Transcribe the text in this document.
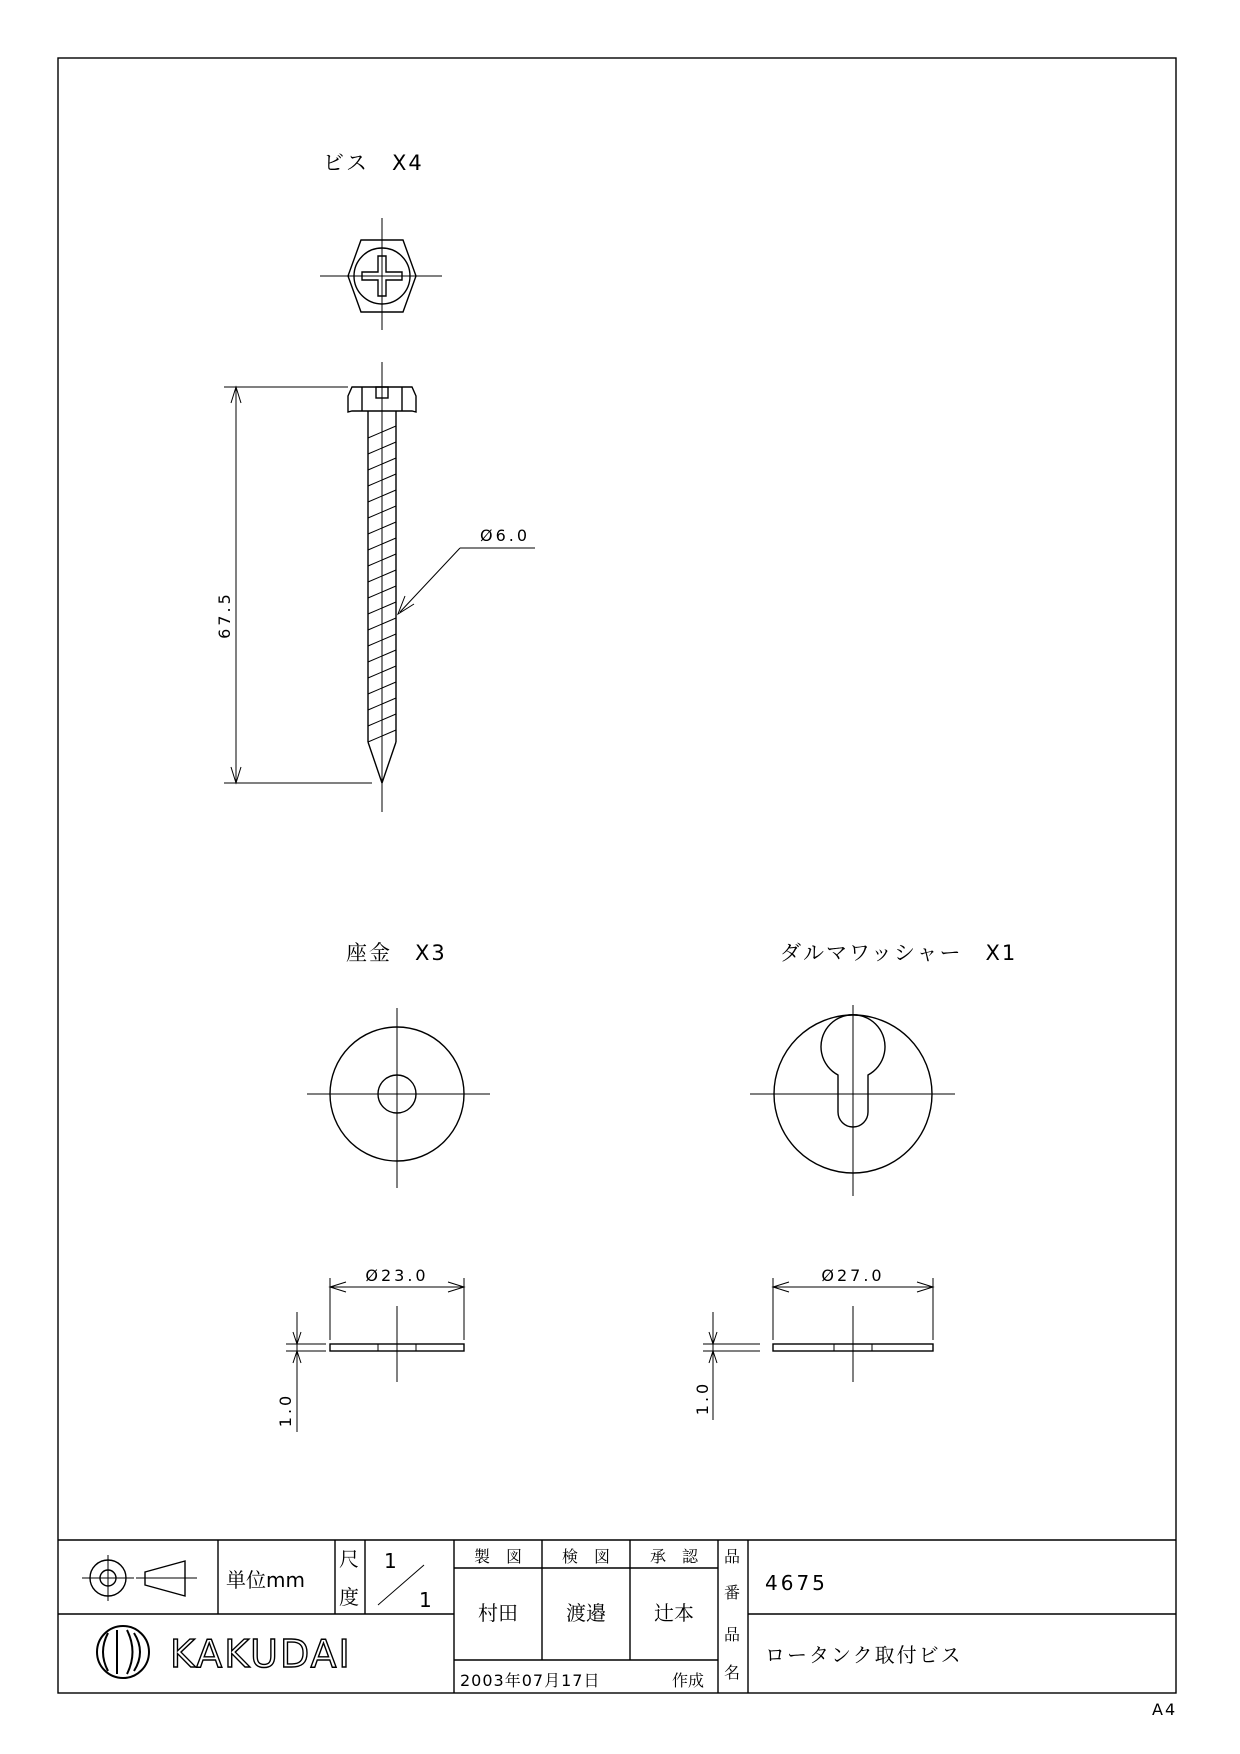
ビス　X4
67.5
Ø6.0
座金　X3
Ø23.0
1.0
ダルマワッシャー　X1
Ø27.0
1.0
単位mm
尺
度
1
1
製　図 検　図 承　認
村田 渡邉 辻本
品
番 4675
品
名
ロータンク取付ビス
2003年07月17日	作成
KAKUDAI
A4
